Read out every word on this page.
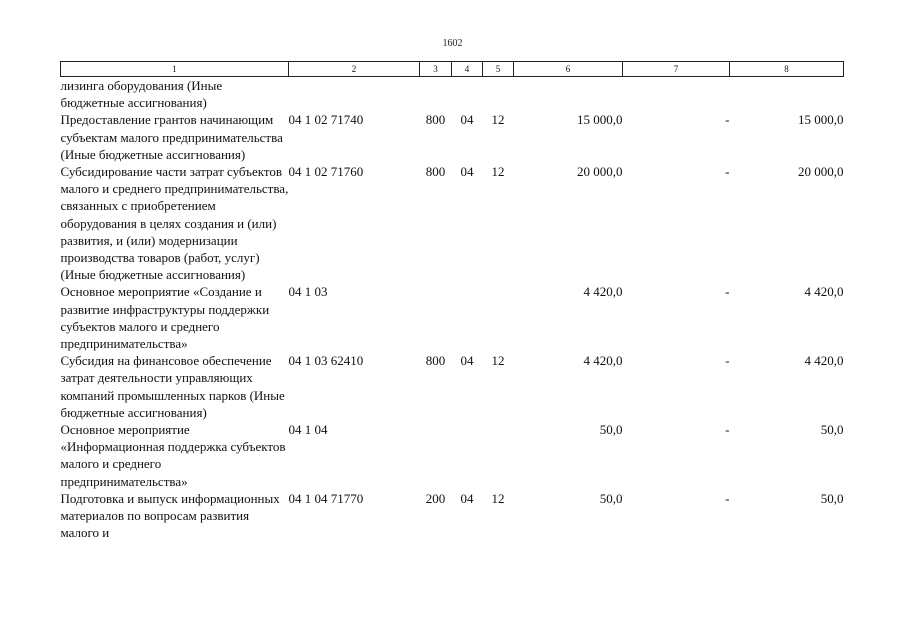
1602
1	2	3	4	5	6	7	8
лизинга оборудования (Иные бюджетные ассигнования)							
Предоставление грантов начинающим субъектам малого предпринимательства (Иные бюджетные ассигнования)	04 1 02 71740	800	04	12	15 000,0	-	15 000,0
Субсидирование части затрат субъектов малого и среднего предпринимательства, связанных с приобретением оборудования в целях создания и (или) развития, и (или) модернизации производства товаров (работ, услуг) (Иные бюджетные ассигнования)	04 1 02 71760	800	04	12	20 000,0	-	20 000,0
Основное мероприятие «Создание и развитие инфраструктуры поддержки субъектов малого и среднего предпринимательства»	04 1 03				4 420,0	-	4 420,0
Субсидия на финансовое обеспечение затрат деятельности управляющих компаний промышленных парков (Иные бюджетные ассигнования)	04 1 03 62410	800	04	12	4 420,0	-	4 420,0
Основное мероприятие «Информационная поддержка субъектов малого и среднего предпринимательства»	04 1 04				50,0	-	50,0
Подготовка и выпуск информационных материалов по вопросам развития малого и	04 1 04 71770	200	04	12	50,0	-	50,0
